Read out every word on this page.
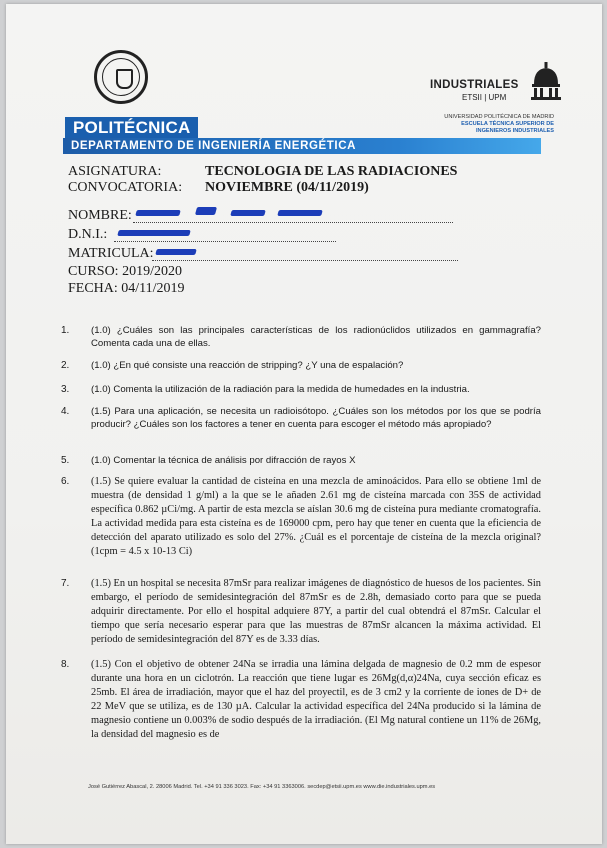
POLITÉCNICA
DEPARTAMENTO DE INGENIERÍA ENERGÉTICA
INDUSTRIALES
ETSII | UPM
UNIVERSIDAD POLITÉCNICA DE MADRID
ESCUELA TÉCNICA SUPERIOR DE
INGENIEROS INDUSTRIALES
ASIGNATURA:	TECNOLOGIA DE LAS RADIACIONES
CONVOCATORIA: NOVIEMBRE (04/11/2019)
NOMBRE:
D.N.I.:
MATRICULA:
CURSO: 2019/2020
FECHA: 04/11/2019
1. (1.0) ¿Cuáles son las principales características de los radionúclidos utilizados en gammagrafía? Comenta cada una de ellas.
2. (1.0) ¿En qué consiste una reacción de stripping? ¿Y una de espalación?
3. (1.0) Comenta la utilización de la radiación para la medida de humedades en la industria.
4. (1.5) Para una aplicación, se necesita un radioisótopo. ¿Cuáles son los métodos por los que se podría producir? ¿Cuáles son los factores a tener en cuenta para escoger el método más apropiado?
5. (1.0) Comentar la técnica de análisis por difracción de rayos X
6. (1.5) Se quiere evaluar la cantidad de cisteína en una mezcla de aminoácidos. Para ello se obtiene 1ml de muestra (de densidad 1 g/ml) a la que se le añaden 2.61 mg de cisteína marcada con 35S de actividad específica 0.862 µCi/mg. A partir de esta mezcla se aíslan 30.6 mg de cisteína pura mediante cromatografía. La actividad medida para esta cisteína es de 169000 cpm, pero hay que tener en cuenta que la eficiencia de detección del aparato utilizado es solo del 27%. ¿Cuál es el porcentaje de cisteína de la mezcla original? (1cpm = 4.5 x 10-13 Ci)
7. (1.5) En un hospital se necesita 87mSr para realizar imágenes de diagnóstico de huesos de los pacientes. Sin embargo, el período de semidesintegración del 87mSr es de 2.8h, demasiado corto para que se pueda adquirir directamente. Por ello el hospital adquiere 87Y, a partir del cual obtendrá el 87mSr. Calcular el tiempo que sería necesario esperar para que las muestras de 87mSr alcancen la máxima actividad. El período de semidesintegración del 87Y es de 3.33 días.
8. (1.5) Con el objetivo de obtener 24Na se irradia una lámina delgada de magnesio de 0.2 mm de espesor durante una hora en un ciclotrón. La reacción que tiene lugar es 26Mg(d,α)24Na, cuya sección eficaz es 25mb. El área de irradiación, mayor que el haz del proyectil, es de 3 cm2 y la corriente de iones de D+ de 22 MeV que se utiliza, es de 130 µA. Calcular la actividad específica del 24Na producido si la lámina de magnesio contiene un 0.003% de sodio después de la irradiación. (El Mg natural contiene un 11% de 26Mg, la densidad del magnesio es de
José Gutiérrez Abascal, 2. 28006 Madrid. Tel. +34 91 336 3023. Fax: +34 91 3363006. secdep@etsii.upm.es www.die.industriales.upm.es
